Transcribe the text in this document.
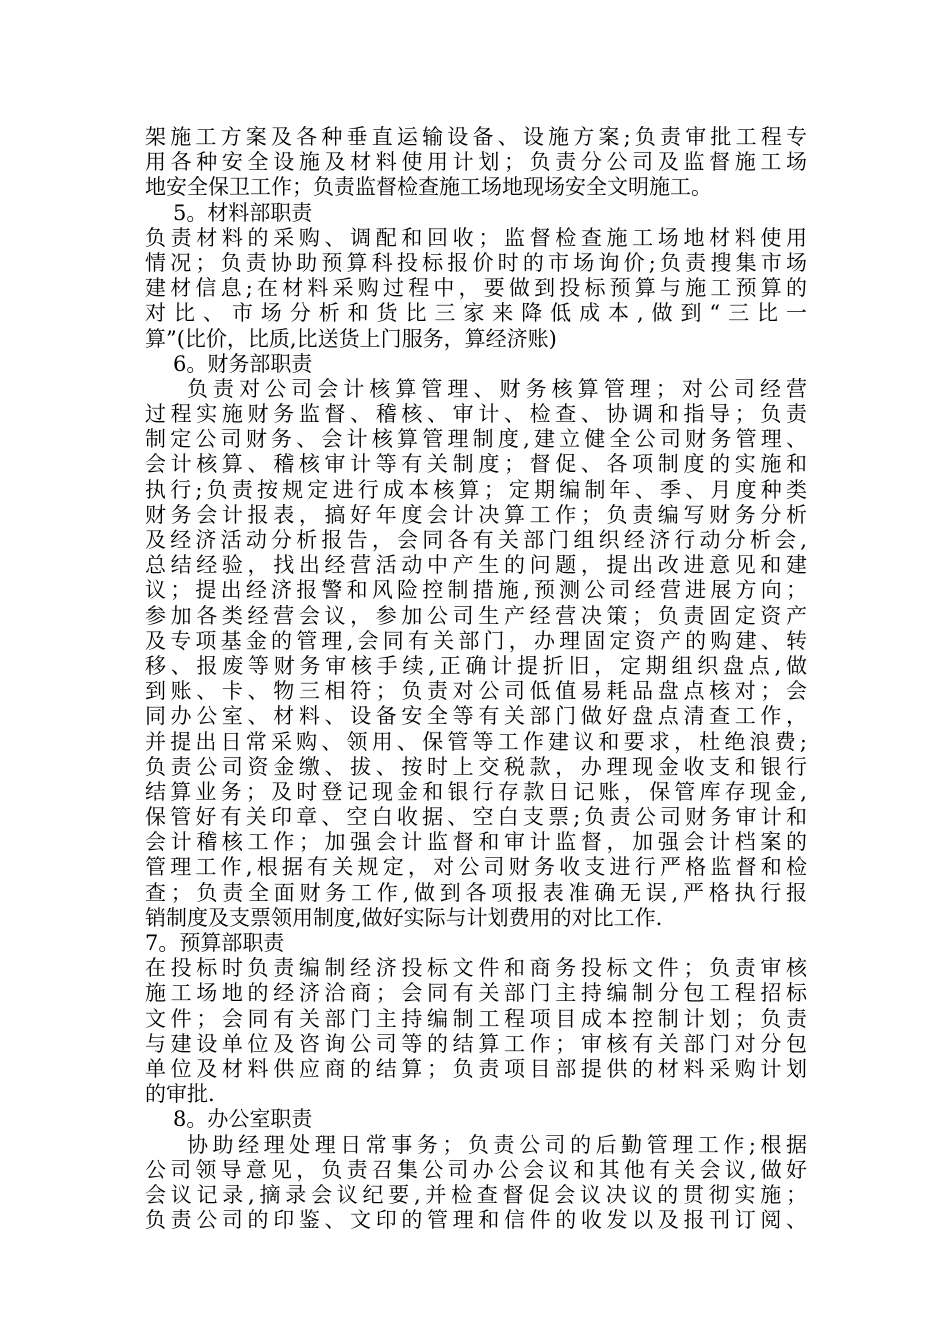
架施工方案及各种垂直运输设备、设施方案;负责审批工程专
用各种安全设施及材料使用计划；负责分公司及监督施工场
地安全保卫工作；负责监督检查施工场地现场安全文明施工。
5。材料部职责
负责材料的采购、调配和回收；监督检查施工场地材料使用
情况；负责协助预算科投标报价时的市场询价;负责搜集市场
建材信息;在材料采购过程中，要做到投标预算与施工预算的
对比、市场分析和货比三家来降低成本,做到“三比一
算”(比价，比质,比送货上门服务，算经济账)
6。财务部职责
负责对公司会计核算管理、财务核算管理；对公司经营
过程实施财务监督、稽核、审计、检查、协调和指导；负责
制定公司财务、会计核算管理制度,建立健全公司财务管理、
会计核算、稽核审计等有关制度；督促、各项制度的实施和
执行;负责按规定进行成本核算；定期编制年、季、月度种类
财务会计报表，搞好年度会计决算工作；负责编写财务分析
及经济活动分析报告，会同各有关部门组织经济行动分析会,
总结经验，找出经营活动中产生的问题，提出改进意见和建
议；提出经济报警和风险控制措施,预测公司经营进展方向；
参加各类经营会议，参加公司生产经营决策；负责固定资产
及专项基金的管理,会同有关部门，办理固定资产的购建、转
移、报废等财务审核手续,正确计提折旧，定期组织盘点,做
到账、卡、物三相符；负责对公司低值易耗品盘点核对；会
同办公室、材料、设备安全等有关部门做好盘点清查工作，
并提出日常采购、领用、保管等工作建议和要求，杜绝浪费;
负责公司资金缴、拔、按时上交税款，办理现金收支和银行
结算业务；及时登记现金和银行存款日记账，保管库存现金,
保管好有关印章、空白收据、空白支票;负责公司财务审计和
会计稽核工作；加强会计监督和审计监督，加强会计档案的
管理工作,根据有关规定，对公司财务收支进行严格监督和检
查；负责全面财务工作,做到各项报表准确无误,严格执行报
销制度及支票领用制度,做好实际与计划费用的对比工作.
7。预算部职责
在投标时负责编制经济投标文件和商务投标文件；负责审核
施工场地的经济洽商；会同有关部门主持编制分包工程招标
文件；会同有关部门主持编制工程项目成本控制计划；负责
与建设单位及咨询公司等的结算工作；审核有关部门对分包
单位及材料供应商的结算；负责项目部提供的材料采购计划
的审批.
8。办公室职责
协助经理处理日常事务；负责公司的后勤管理工作;根据
公司领导意见，负责召集公司办公会议和其他有关会议,做好
会议记录,摘录会议纪要,并检查督促会议决议的贯彻实施；
负责公司的印鉴、文印的管理和信件的收发以及报刊订阅、
